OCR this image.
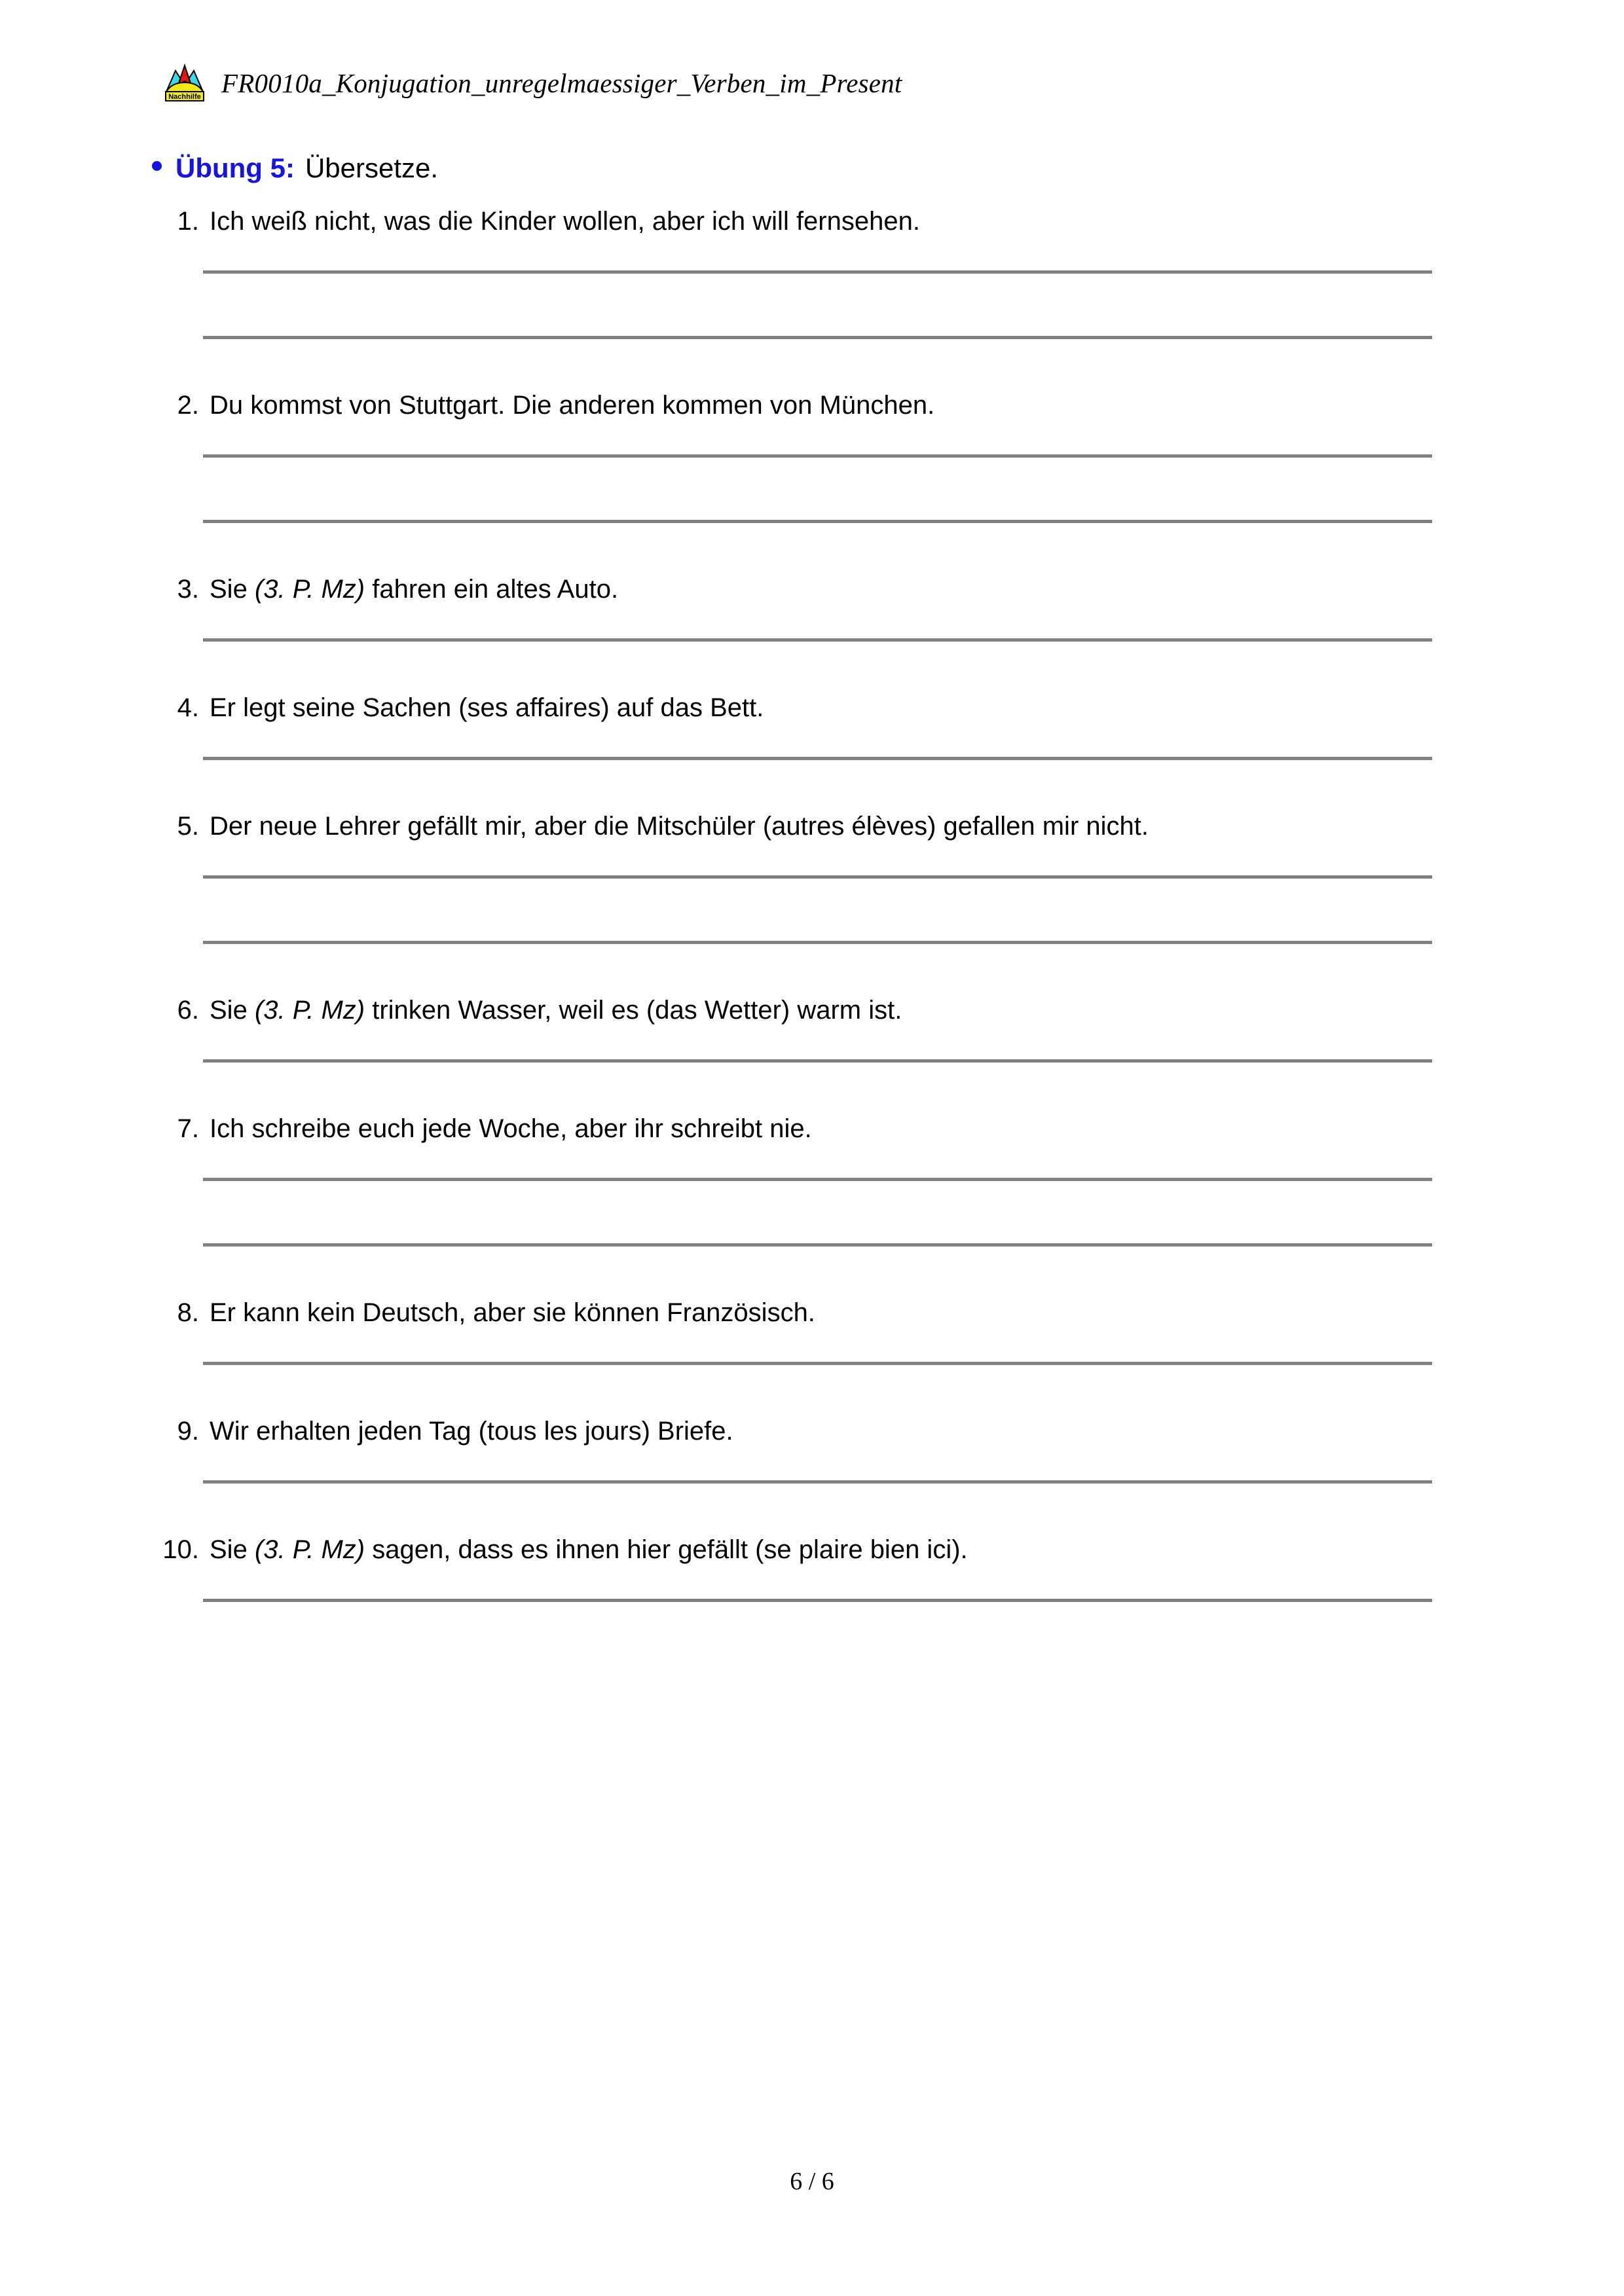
Nachhilfe FR0010a_Konjugation_unregelmaessiger_Verben_im_Present
Übung 5: Übersetze.
1. Ich weiß nicht, was die Kinder wollen, aber ich will fernsehen.
2. Du kommst von Stuttgart. Die anderen kommen von München.
3. Sie (3. P. Mz) fahren ein altes Auto.
4. Er legt seine Sachen (ses affaires) auf das Bett.
5. Der neue Lehrer gefällt mir, aber die Mitschüler (autres élèves) gefallen mir nicht.
6. Sie (3. P. Mz) trinken Wasser, weil es (das Wetter) warm ist.
7. Ich schreibe euch jede Woche, aber ihr schreibt nie.
8. Er kann kein Deutsch, aber sie können Französisch.
9. Wir erhalten jeden Tag (tous les jours) Briefe.
10. Sie (3. P. Mz) sagen, dass es ihnen hier gefällt (se plaire bien ici).
6 / 6
